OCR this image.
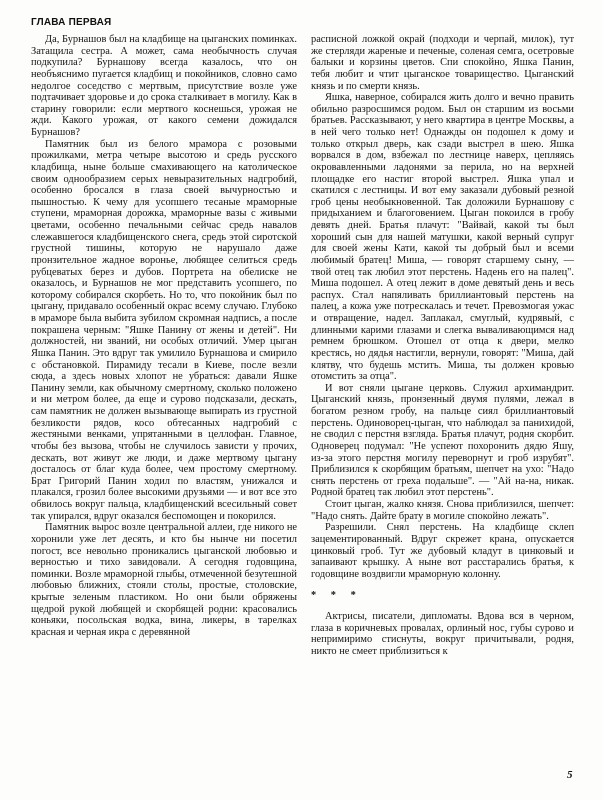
ГЛАВА ПЕРВАЯ

Да, Бурнашов был на кладбище на цыганских поминках. Затащила сестра. А может, сама необычность случая подкупила? Бурнашову всегда казалось, что он необъяснимо пугается кладбищ и покойников, словно само недолгое соседство с мертвым, присутствие возле уже подтачивает здоровье и до срока сталкивает в могилу. Как в старину говорили: если мертвого коснешься, урожая не жди. Какого урожая, от какого семени дожидался Бурнашов?

Памятник был из белого мрамора с розовыми прожилками, метра четыре высотою и средь русского кладбища, ныне больше смахивающего на католическое своим однообразием серых невыразительных надгробий, особенно бросался в глаза своей вычурностью и пышностью. К чему для усопшего тесаные мраморные ступени, мраморная дорожка, мраморные вазы с живыми цветами, особенно печальными сейчас средь навалов слежавшегося кладбищенского снега, средь этой сиротской грустной тишины, которую не нарушало даже пронзительное жадное воронье, любящее селиться средь рубцеватых берез и дубов. Портрета на обелиске не оказалось, и Бурнашов не мог представить усопшего, по которому собирался скорбеть. Но то, что покойник был по цыгану, придавало особенный окрас всему случаю. Глубоко в мраморе была выбита зубилом скромная надпись, а после покрашена черным: "Яшке Панину от жены и детей". Ни должностей, ни званий, ни особых отличий. Умер цыган Яшка Панин. Это вдруг так умилило Бурнашова и смирило с обстановкой. Пирамиду тесали в Киеве, после везли сюда, а здесь новых хлопот не убраться: давали Яшке Панину земли, как обычному смертному, сколько положено и ни метром более, да еще и сурово подсказали, дескать, сам памятник не должен вызывающе выпирать из грустной безликости рядов, косо обтесанных надгробий с жестяными венками, упрятанными в целлофан. Главное, чтобы без вызова, чтобы не случилось зависти у прочих, дескать, вот живут же люди, и даже мертвому цыгану досталось от благ куда более, чем простому смертному. Брат Григорий Панин ходил по властям, унижался и плакался, грозил более высокими друзьями — и вот все это обвилось вокруг пальца, кладбищенский всесильный совет так упирался, вдруг оказался беспомощен и покорился.

Памятник вырос возле центральной аллеи, где никого не хоронили уже лет десять, и кто бы нынче ни посетил погост, все невольно проникались цыганской любовью и верностью и тихо завидовали. А сегодня годовщина, поминки. Возле мраморной глыбы, отмеченной безутешной любовью ближних, стояли столы, простые, столовские, крытые зеленым пластиком. Но они были обряжены щедрой рукой любящей и скорбящей родни: красовались коньяки, посольская водка, вина, ликеры, в тарелках красная и черная икра с деревянной

расписной ложкой окрай (подходи и черпай, милок), тут же стерляди жареные и печеные, соленая семга, осетровые балыки и корзины цветов. Спи спокойно, Яшка Панин, тебя любит и чтит цыганское товарищество. Цыганский князь и по смерти князь.

Яшка, наверное, собирался жить долго и вечно править обильно разросшимся родом. Был он старшим из восьми братьев. Рассказывают, у него квартира в центре Москвы, а в ней чего только нет! Однажды он подошел к дому и только открыл дверь, как сзади выстрел в шею. Яшка ворвался в дом, взбежал по лестнице наверх, цепляясь окровавленными ладонями за перила, но на верхней площадке его настиг второй выстрел. Яшка упал и скатился с лестницы. И вот ему заказали дубовый резной гроб цены необыкновенной. Так доложили Бурнашову с придыханием и благоговением. Цыган покоился в гробу девять дней. Братья плачут: "Вайвай, какой ты был хороший сын для нашей матушки, какой верный супруг для своей жены Кати, какой ты добрый был и всеми любимый братец! Миша, — говорят старшему сыну, — твой отец так любил этот перстень. Надень его на палец". Миша подошел. А отец лежит в доме девятый день и весь распух. Стал напяливать бриллиантовый перстень на палец, а кожа уже потрескалась и течет. Превозмогая ужас и отвращение, надел. Заплакал, смуглый, кудрявый, с длинными карими глазами и слегка вываливающимся над ремнем брюшком. Отошел от отца к двери, мелко крестясь, но дядья настигли, вернули, говорят: "Миша, дай клятву, что будешь мстить. Миша, ты должен кровью отомстить за отца".

И вот сняли цыгане церковь. Служил архимандрит. Цыганский князь, пронзенный двумя пулями, лежал в богатом резном гробу, на пальце сиял бриллиантовый перстень. Одиноворец-цыган, что наблюдал за панихидой, не сводил с перстня взгляда. Братья плачут, родня скорбит. Одноверец подумал: "Не успеют похоронить дядю Яшу, из-за этого перстня могилу переворнут и гроб изрубят". Приблизился к скорбящим братьям, шепчет на ухо: "Надо снять перстень от греха подальше". — "Ай на-на, никак. Родной братец так любил этот перстень".

Стоит цыган, жалко князя. Снова приблизился, шепчет: "Надо снять. Дайте брату в могиле спокойно лежать".

Разрешили. Снял перстень. На кладбище склеп зацементированный. Вдруг скрежет крана, опускается цинковый гроб. Тут же дубовый кладут в цинковый и запаивают крышку. А ныне вот расстарались братья, к годовщине воздвигли мраморную колонну.

* * *

Актрисы, писатели, дипломаты. Вдова вся в черном, глаза в коричневых провалах, орлиный нос, губы сурово и непримиримо стиснуты, вокруг причитывали, родня, никто не смеет приблизиться к

5
